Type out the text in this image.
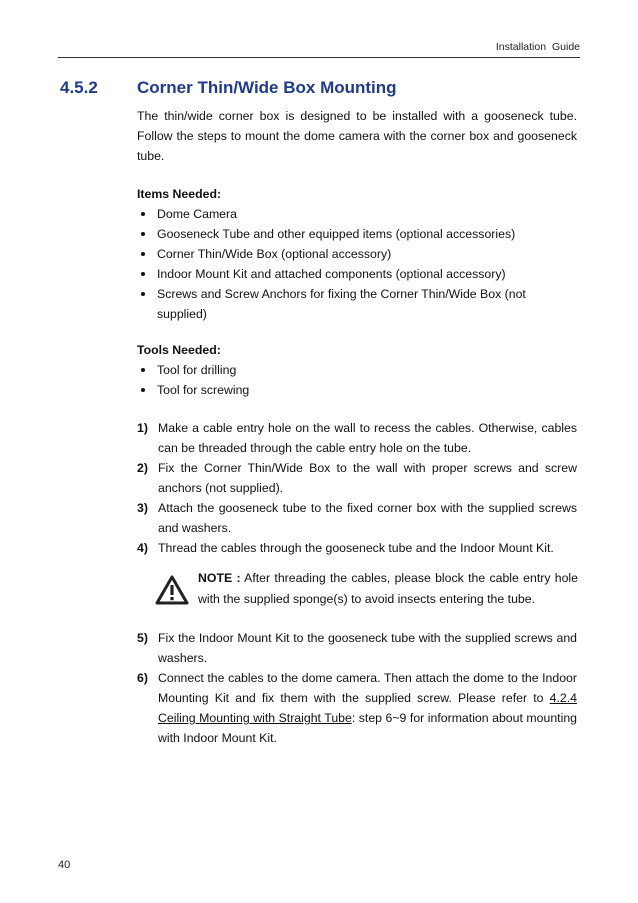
Installation Guide
4.5.2 Corner Thin/Wide Box Mounting
The thin/wide corner box is designed to be installed with a gooseneck tube. Follow the steps to mount the dome camera with the corner box and gooseneck tube.

Items Needed:

Dome Camera
Gooseneck Tube and other equipped items (optional accessories)
Corner Thin/Wide Box (optional accessory)
Indoor Mount Kit and attached components (optional accessory)
Screws and Screw Anchors for fixing the Corner Thin/Wide Box (not supplied)

Tools Needed:

Tool for drilling
Tool for screwing
1) Make a cable entry hole on the wall to recess the cables. Otherwise, cables can be threaded through the cable entry hole on the tube.
2) Fix the Corner Thin/Wide Box to the wall with proper screws and screw anchors (not supplied).
3) Attach the gooseneck tube to the fixed corner box with the supplied screws and washers.
4) Thread the cables through the gooseneck tube and the Indoor Mount Kit.
NOTE : After threading the cables, please block the cable entry hole with the supplied sponge(s) to avoid insects entering the tube.
5) Fix the Indoor Mount Kit to the gooseneck tube with the supplied screws and washers.
6) Connect the cables to the dome camera. Then attach the dome to the Indoor Mounting Kit and fix them with the supplied screw. Please refer to 4.2.4 Ceiling Mounting with Straight Tube: step 6~9 for information about mounting with Indoor Mount Kit.
40
